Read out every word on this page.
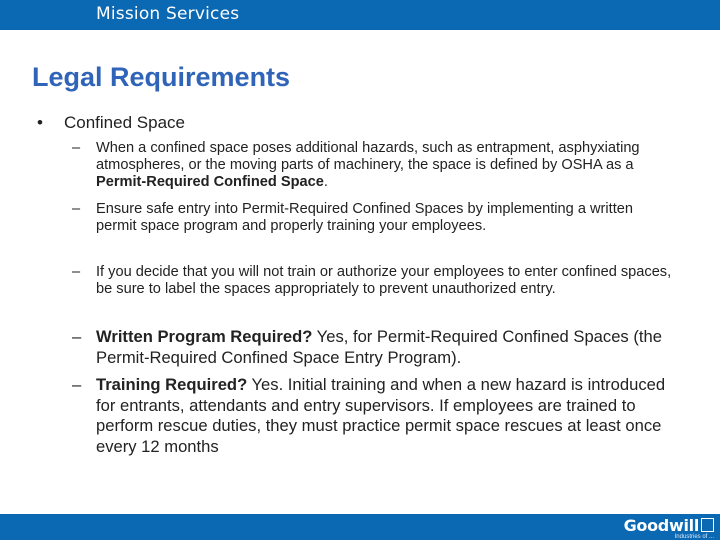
Mission Services
Legal Requirements
• Confined Space
– When a confined space poses additional hazards, such as entrapment, asphyxiating atmospheres, or the moving parts of machinery, the space is defined by OSHA as a Permit-Required Confined Space.
– Ensure safe entry into Permit-Required Confined Spaces by implementing a written permit space program and properly training your employees.
– If you decide that you will not train or authorize your employees to enter confined spaces, be sure to label the spaces appropriately to prevent unauthorized entry.
– Written Program Required? Yes, for Permit-Required Confined Spaces (the Permit-Required Confined Space Entry Program).
– Training Required? Yes. Initial training and when a new hazard is introduced for entrants, attendants and entry supervisors. If employees are trained to perform rescue duties, they must practice permit space rescues at least once every 12 months
Goodwill
Industries of ...
